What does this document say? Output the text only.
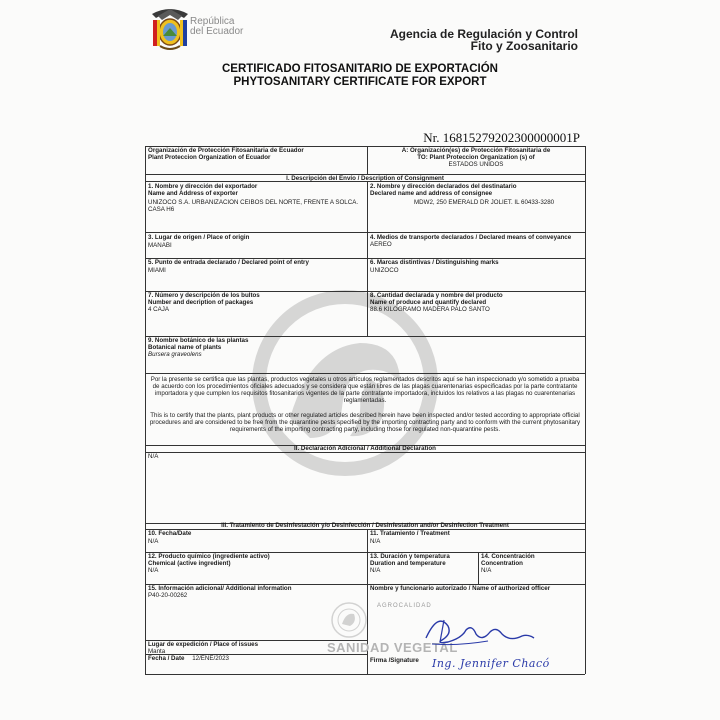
República
del Ecuador	Agencia de Regulación y Control
Fito y Zoosanitario
CERTIFICADO FITOSANITARIO DE EXPORTACIÓN
PHYTOSANITARY CERTIFICATE FOR EXPORT
Nr. 16815279202300000001P
Organización de Protección Fitosanitaria de Ecuador
Plant Proteccion Organization of Ecuador
A: Organización(es) de Protección Fitosanitaria de
TO: Plant Proteccion Organization (s) of
ESTADOS UNIDOS
I. Descripción del Envío / Description of Consignment
1. Nombre y dirección del exportador
Name and Address of exporter
UNIZOCO S.A. URBANIZACION CEIBOS DEL NORTE, FRENTE A SOLCA. CASA H6
2. Nombre y dirección declarados del destinatario
Declared name and address of consignee
MDW2, 250 EMERALD DR JOLIET. IL 60433-3280
3. Lugar de origen / Place of origin
MANABI
4. Medios de transporte declarados / Declared means of conveyance
AEREO
5. Punto de entrada declarado / Declared point of entry
MIAMI
6. Marcas distintivas / Distinguishing marks
UNIZOCO
7. Número y descripción de los bultos
Number and decription of packages
4 CAJA
8. Cantidad declarada y nombre del producto
Name of produce and quantify declared
88.6 KILOGRAMO MADERA PALO SANTO
9. Nombre botánico de las plantas
Botanical name of plants
Bursera graveolens
Por la presente se certifica que las plantas, productos vegetales u otros artículos reglamentados descritos aquí se han inspeccionado y/o sometido a prueba de acuerdo con los procedimientos oficiales adecuados y se considera que están libres de las plagas cuarentenarias especificadas por la parte contratante importadora y que cumplen los requisitos fitosanitarios vigentes de la parte contratante importadora, incluidos los relativos a las plagas no cuarentenarias reglamentadas.
This is to certify that the plants, plant products or other regulated articles described herein have been inspected and/or tested according to appropriate official procedures and are considered to be free from the quarantine pests specified by the importing contracting party and to conform with the current phytosanitary requirements of the importing contracting party, including those for regulated non-quarantine pests.
II. Declaración Adicional / Additional Declaration
N/A
III. Tratamiento de Desinfestación y/o Desinfección / Desinfestation and/or Desinfection Treatment
10. Fecha/Date
N/A
11. Tratamiento / Treatment
N/A
12. Producto químico (ingrediente activo)
Chemical (active ingredient)
N/A
13. Duración y temperatura
Duration and temperature
N/A
14. Concentración
Concentration
N/A
15. Información adicional/ Additional information
P40-20-00262
Nombre y funcionario autorizado / Name of authorized officer
Lugar de expedición / Place of issues
Manta
Fecha / Date 12/ENE/2023	Firma /Signature
AGROCALIDAD
SANIDAD VEGETAL
Ing. Jennifer Chacó
